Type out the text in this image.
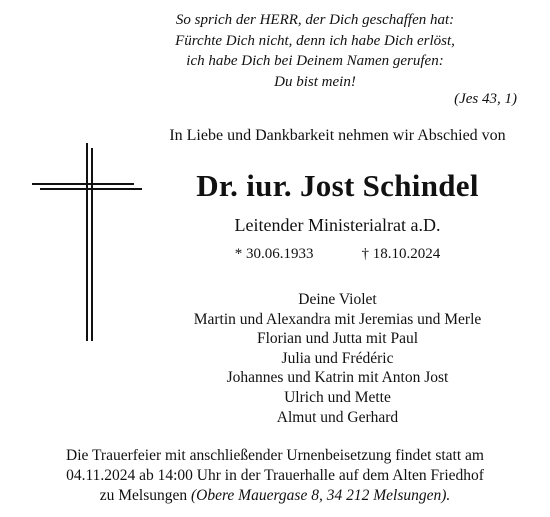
So sprich der HERR, der Dich geschaffen hat:
Fürchte Dich nicht, denn ich habe Dich erlöst,
ich habe Dich bei Deinem Namen gerufen:
Du bist mein!
(Jes 43, 1)
In Liebe und Dankbarkeit nehmen wir Abschied von
Dr. iur. Jost Schindel
Leitender Ministerialrat a.D.
* 30.06.1933	† 18.10.2024
Deine Violet
Martin und Alexandra mit Jeremias und Merle
Florian und Jutta mit Paul
Julia und Frédéric
Johannes und Katrin mit Anton Jost
Ulrich und Mette
Almut und Gerhard
Die Trauerfeier mit anschließender Urnenbeisetzung findet statt am
04.11.2024 ab 14:00 Uhr in der Trauerhalle auf dem Alten Friedhof
zu Melsungen (Obere Mauergase 8, 34 212 Melsungen).
